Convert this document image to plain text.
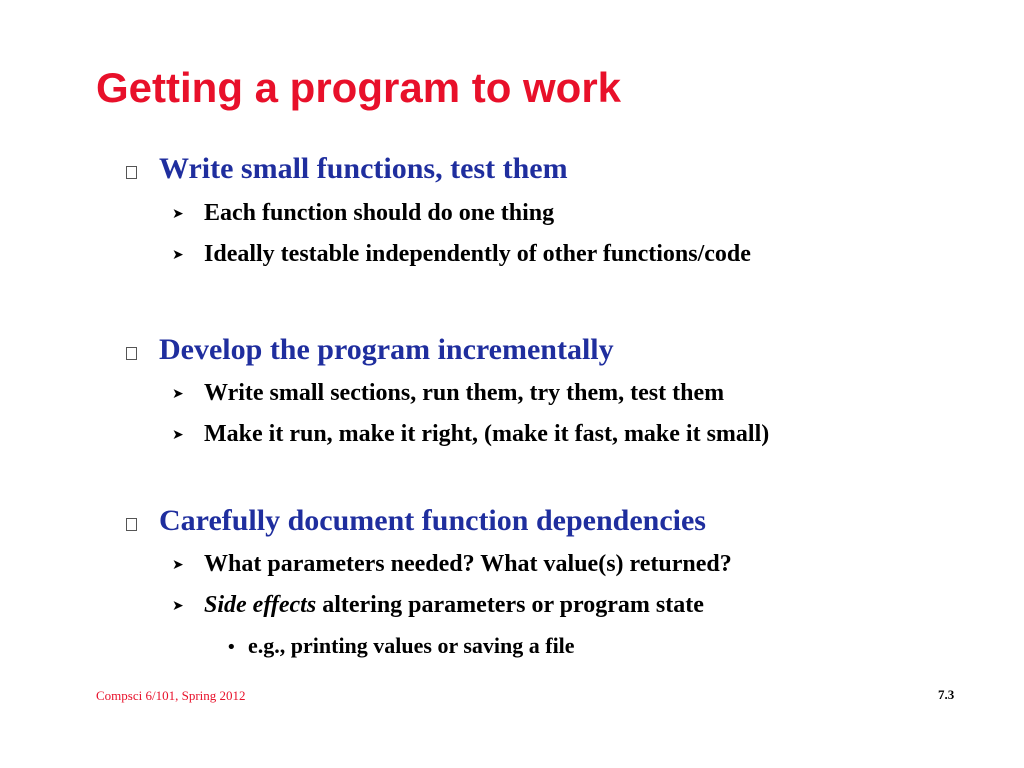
Getting a program to work
Write small functions, test them
➤ Each function should do one thing
➤ Ideally testable independently of other functions/code
Develop the program incrementally
➤ Write small sections, run them, try them, test them
➤ Make it run, make it right, (make it fast, make it small)
Carefully document function dependencies
➤ What parameters needed? What value(s) returned?
➤ Side effects altering parameters or program state
• e.g., printing values or saving a file
Compsci 6/101, Spring 2012	7.3
